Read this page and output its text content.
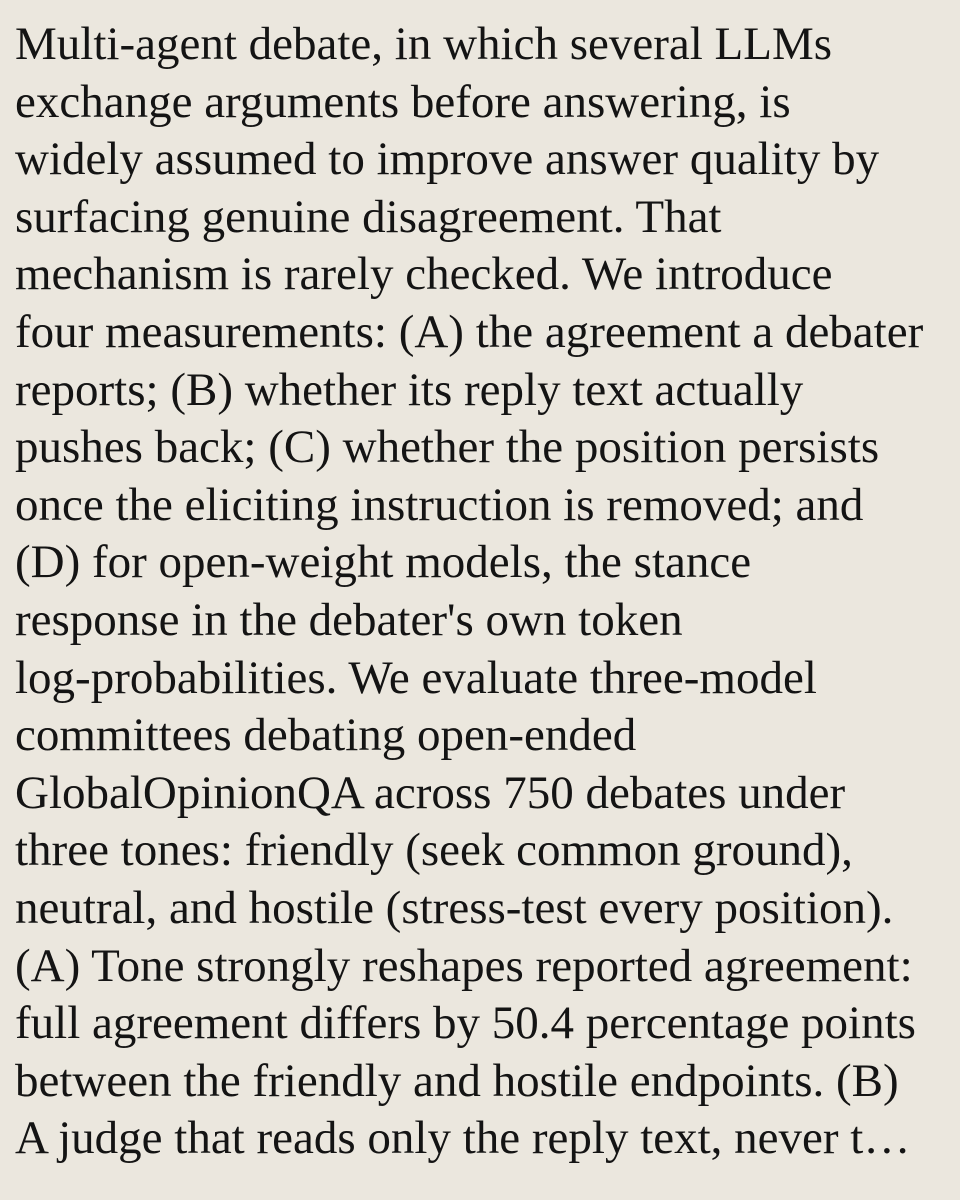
Multi-agent debate, in which several LLMs
exchange arguments before answering, is
widely assumed to improve answer quality by
surfacing genuine disagreement. That
mechanism is rarely checked. We introduce
four measurements: (A) the agreement a debater
reports; (B) whether its reply text actually
pushes back; (C) whether the position persists
once the eliciting instruction is removed; and
(D) for open-weight models, the stance
response in the debater's own token
log-probabilities. We evaluate three-model
committees debating open-ended
GlobalOpinionQA across 750 debates under
three tones: friendly (seek common ground),
neutral, and hostile (stress-test every position).
(A) Tone strongly reshapes reported agreement:
full agreement differs by 50.4 percentage points
between the friendly and hostile endpoints. (B)
A judge that reads only the reply text, never t…
